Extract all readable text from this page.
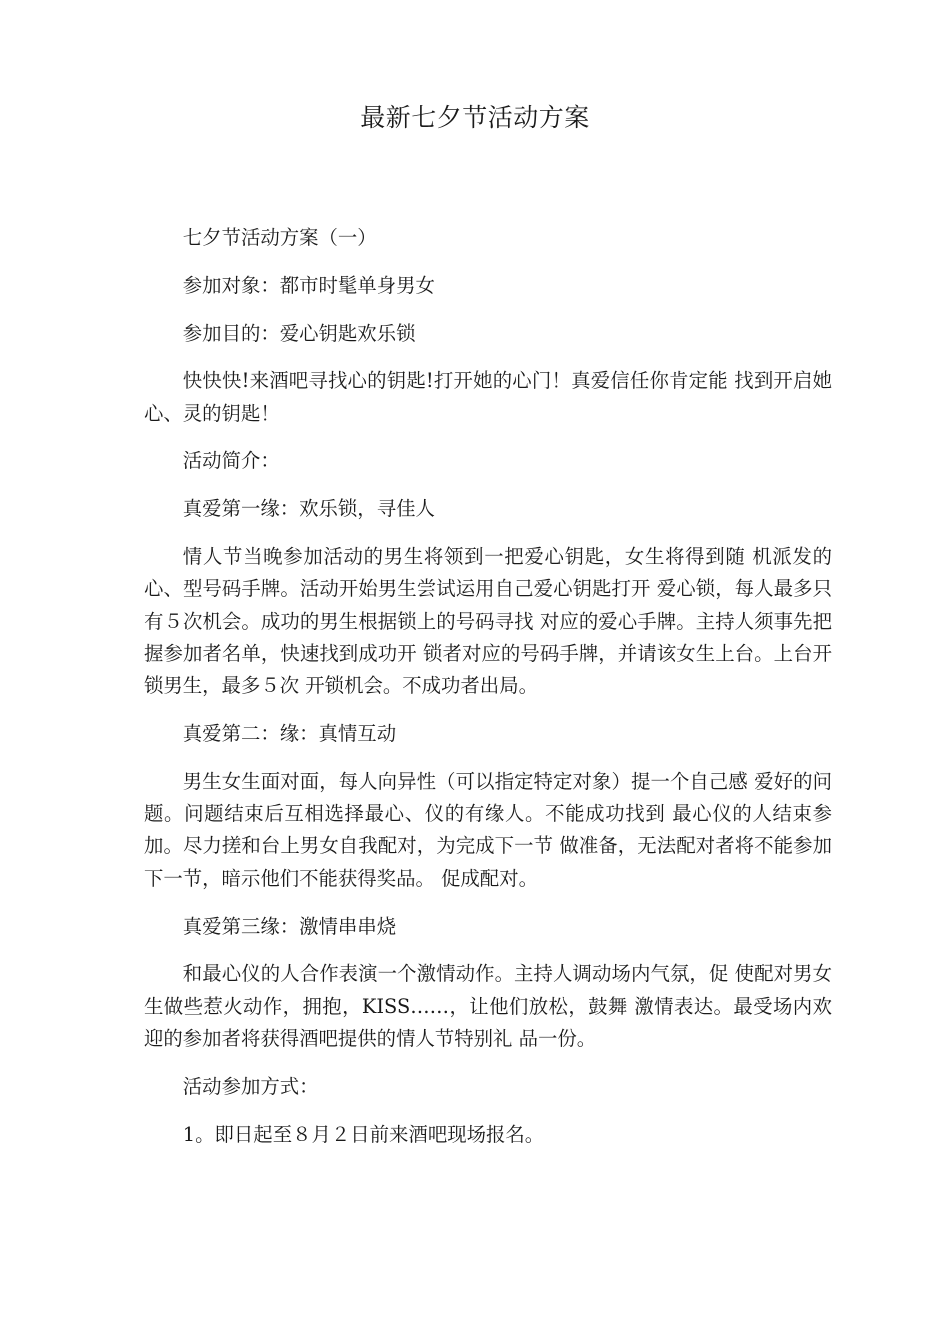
最新七夕节活动方案

七夕节活动方案（一）

参加对象：都市时髦单身男女

参加目的：爱心钥匙欢乐锁

快快快!来酒吧寻找心的钥匙!打开她的心门！真爱信任你肯定能 找到开启她心、灵的钥匙！

活动简介：

真爱第一缘：欢乐锁，寻佳人

情人节当晚参加活动的男生将领到一把爱心钥匙，女生将得到随 机派发的心、型号码手牌。活动开始男生尝试运用自己爱心钥匙打开 爱心锁，每人最多只有５次机会。成功的男生根据锁上的号码寻找 对应的爱心手牌。主持人须事先把握参加者名单，快速找到成功开 锁者对应的号码手牌，并请该女生上台。上台开锁男生，最多５次 开锁机会。不成功者出局。

真爱第二：缘：真情互动

男生女生面对面，每人向异性（可以指定特定对象）提一个自己感 爱好的问题。问题结束后互相选择最心、仪的有缘人。不能成功找到 最心仪的人结束参加。尽力搓和台上男女自我配对，为完成下一节 做准备，无法配对者将不能参加下一节，暗示他们不能获得奖品。 促成配对。

真爱第三缘：激情串串烧

和最心仪的人合作表演一个激情动作。主持人调动场内气氛，促 使配对男女生做些惹火动作，拥抱，KISS……，让他们放松，鼓舞 激情表达。最受场内欢迎的参加者将获得酒吧提供的情人节特别礼 品一份。

活动参加方式：

1。即日起至８月２日前来酒吧现场报名。
